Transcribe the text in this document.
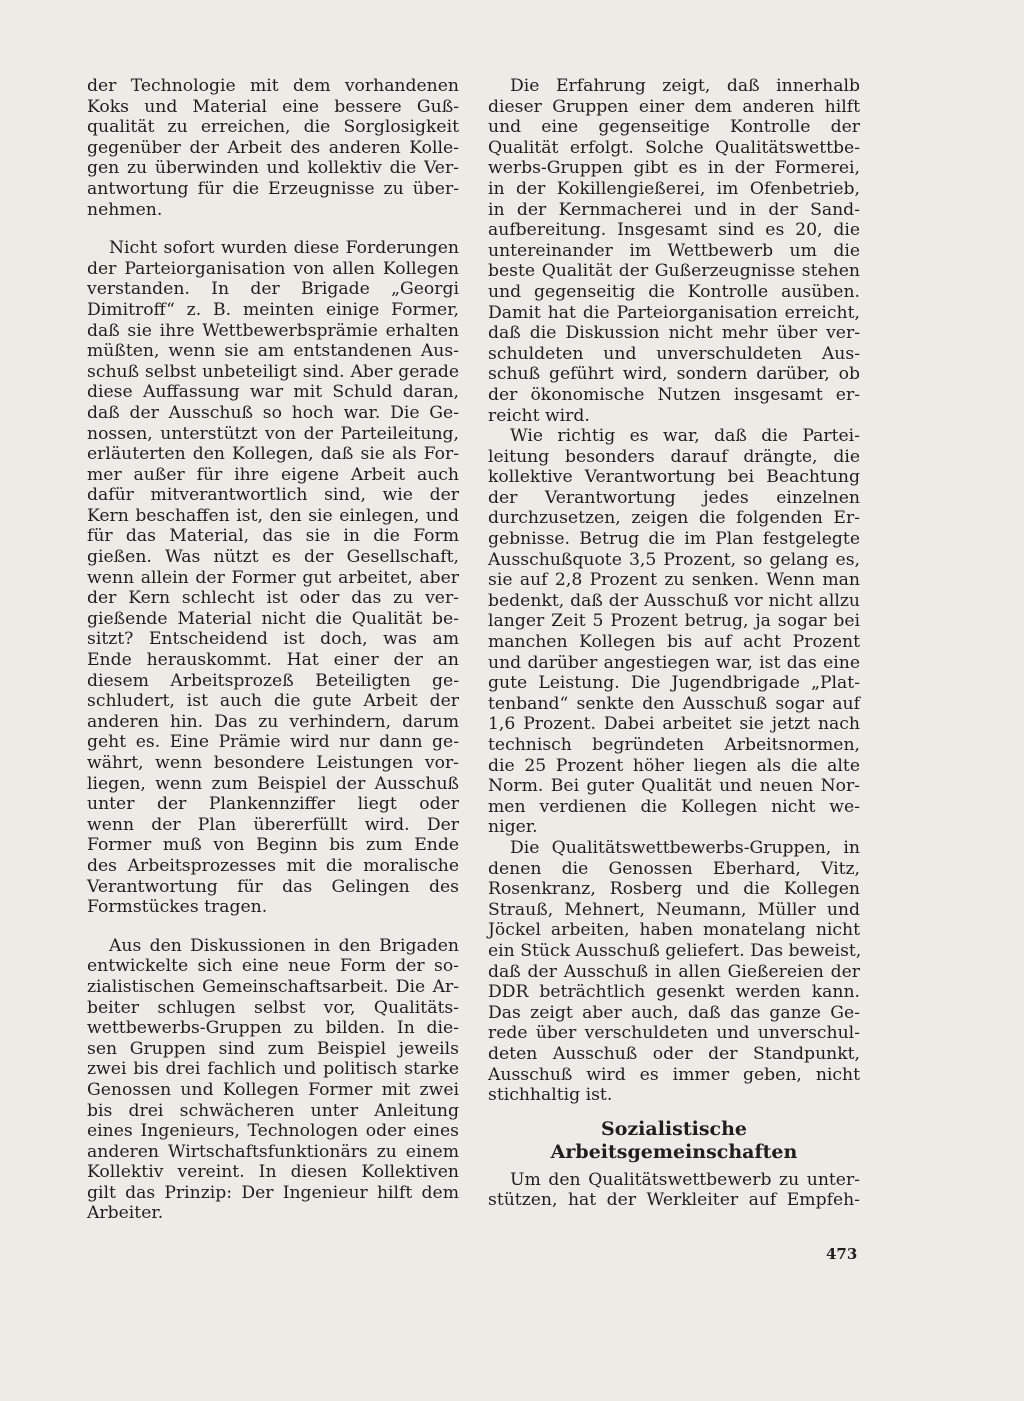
der Technologie mit dem vorhandenen
Koks und Material eine bessere Guß-
qualität zu erreichen, die Sorglosigkeit
gegenüber der Arbeit des anderen Kolle-
gen zu überwinden und kollektiv die Ver-
antwortung für die Erzeugnisse zu über-
nehmen.
Nicht sofort wurden diese Forderungen
der Parteiorganisation von allen Kollegen
verstanden. In der Brigade „Georgi
Dimitroff“ z. B. meinten einige Former,
daß sie ihre Wettbewerbsprämie erhalten
müßten, wenn sie am entstandenen Aus-
schuß selbst unbeteiligt sind. Aber gerade
diese Auffassung war mit Schuld daran,
daß der Ausschuß so hoch war. Die Ge-
nossen, unterstützt von der Parteileitung,
erläuterten den Kollegen, daß sie als For-
mer außer für ihre eigene Arbeit auch
dafür mitverantwortlich sind, wie der
Kern beschaffen ist, den sie einlegen, und
für das Material, das sie in die Form
gießen. Was nützt es der Gesellschaft,
wenn allein der Former gut arbeitet, aber
der Kern schlecht ist oder das zu ver-
gießende Material nicht die Qualität be-
sitzt? Entscheidend ist doch, was am
Ende herauskommt. Hat einer der an
diesem Arbeitsprozeß Beteiligten ge-
schludert, ist auch die gute Arbeit der
anderen hin. Das zu verhindern, darum
geht es. Eine Prämie wird nur dann ge-
währt, wenn besondere Leistungen vor-
liegen, wenn zum Beispiel der Ausschuß
unter der Plankennziffer liegt oder
wenn der Plan übererfüllt wird. Der
Former muß von Beginn bis zum Ende
des Arbeitsprozesses mit die moralische
Verantwortung für das Gelingen des
Formstückes tragen.
Aus den Diskussionen in den Brigaden
entwickelte sich eine neue Form der so-
zialistischen Gemeinschaftsarbeit. Die Ar-
beiter schlugen selbst vor, Qualitäts-
wettbewerbs-Gruppen zu bilden. In die-
sen Gruppen sind zum Beispiel jeweils
zwei bis drei fachlich und politisch starke
Genossen und Kollegen Former mit zwei
bis drei schwächeren unter Anleitung
eines Ingenieurs, Technologen oder eines
anderen Wirtschaftsfunktionärs zu einem
Kollektiv vereint. In diesen Kollektiven
gilt das Prinzip: Der Ingenieur hilft dem
Arbeiter.
Die Erfahrung zeigt, daß innerhalb
dieser Gruppen einer dem anderen hilft
und eine gegenseitige Kontrolle der
Qualität erfolgt. Solche Qualitätswettbe-
werbs-Gruppen gibt es in der Formerei,
in der Kokillengießerei, im Ofenbetrieb,
in der Kernmacherei und in der Sand-
aufbereitung. Insgesamt sind es 20, die
untereinander im Wettbewerb um die
beste Qualität der Gußerzeugnisse stehen
und gegenseitig die Kontrolle ausüben.
Damit hat die Parteiorganisation erreicht,
daß die Diskussion nicht mehr über ver-
schuldeten und unverschuldeten Aus-
schuß geführt wird, sondern darüber, ob
der ökonomische Nutzen insgesamt er-
reicht wird.
Wie richtig es war, daß die Partei-
leitung besonders darauf drängte, die
kollektive Verantwortung bei Beachtung
der Verantwortung jedes einzelnen
durchzusetzen, zeigen die folgenden Er-
gebnisse. Betrug die im Plan festgelegte
Ausschußquote 3,5 Prozent, so gelang es,
sie auf 2,8 Prozent zu senken. Wenn man
bedenkt, daß der Ausschuß vor nicht allzu
langer Zeit 5 Prozent betrug, ja sogar bei
manchen Kollegen bis auf acht Prozent
und darüber angestiegen war, ist das eine
gute Leistung. Die Jugendbrigade „Plat-
tenband“ senkte den Ausschuß sogar auf
1,6 Prozent. Dabei arbeitet sie jetzt nach
technisch begründeten Arbeitsnormen,
die 25 Prozent höher liegen als die alte
Norm. Bei guter Qualität und neuen Nor-
men verdienen die Kollegen nicht we-
niger.
Die Qualitätswettbewerbs-Gruppen, in
denen die Genossen Eberhard, Vitz,
Rosenkranz, Rosberg und die Kollegen
Strauß, Mehnert, Neumann, Müller und
Jöckel arbeiten, haben monatelang nicht
ein Stück Ausschuß geliefert. Das beweist,
daß der Ausschuß in allen Gießereien der
DDR beträchtlich gesenkt werden kann.
Das zeigt aber auch, daß das ganze Ge-
rede über verschuldeten und unverschul-
deten Ausschuß oder der Standpunkt,
Ausschuß wird es immer geben, nicht
stichhaltig ist.
Sozialistische
Arbeitsgemeinschaften
Um den Qualitätswettbewerb zu unter-
stützen, hat der Werkleiter auf Empfeh-
473
